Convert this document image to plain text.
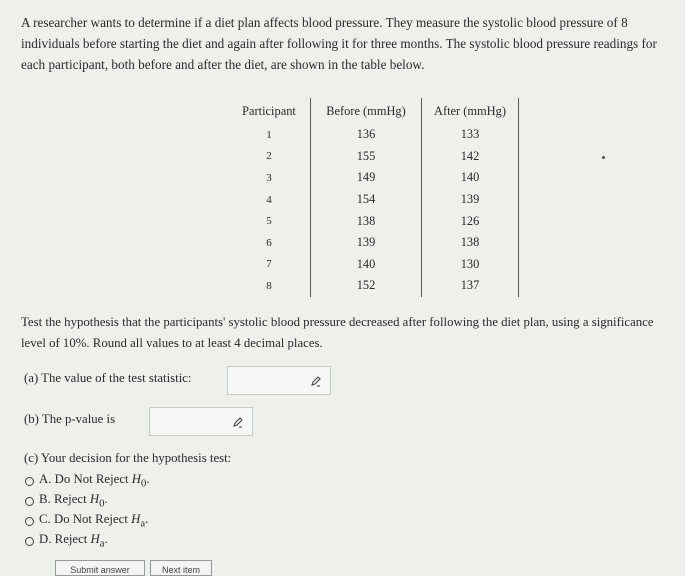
A researcher wants to determine if a diet plan affects blood pressure. They measure the systolic blood pressure of 8 individuals before starting the diet and again after following it for three months. The systolic blood pressure readings for each participant, both before and after the diet, are shown in the table below.

Participant	Before (mmHg)	After (mmHg)
1	136	133
2	155	142
3	149	140
4	154	139
5	138	126
6	139	138
7	140	130
8	152	137

Test the hypothesis that the participants' systolic blood pressure decreased after following the diet plan, using a significance level of 10%. Round all values to at least 4 decimal places.

(a) The value of the test statistic:
(b) The p-value is
(c) Your decision for the hypothesis test:
A. Do Not Reject $H_0$.
B. Reject $H_0$.
C. Do Not Reject $H_a$.
D. Reject $H_a$.
Submit answer	Next item
